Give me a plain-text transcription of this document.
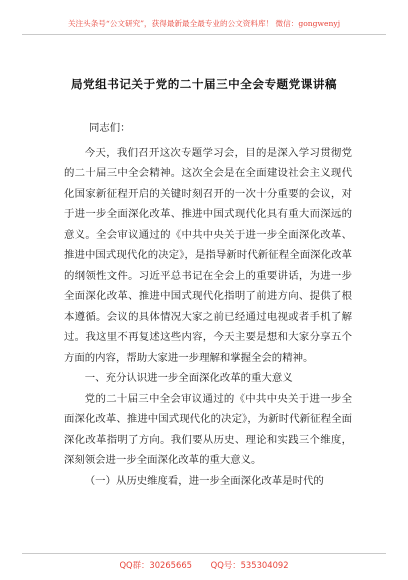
关注头条号“公文研究”，获得最新最全最专业的公文资料库！ 微信：gongwenyj
局党组书记关于党的二十届三中全会专题党课讲稿

同志们：

今天，我们召开这次专题学习会，目的是深入学习贯彻党的二十届三中全会精神。这次全会是在全面建设社会主义现代化国家新征程开启的关键时刻召开的一次十分重要的会议，对于进一步全面深化改革、推进中国式现代化具有重大而深远的意义。全会审议通过的《中共中央关于进一步全面深化改革、推进中国式现代化的决定》，是指导新时代新征程全面深化改革的纲领性文件。习近平总书记在全会上的重要讲话，为进一步全面深化改革、推进中国式现代化指明了前进方向、提供了根本遵循。会议的具体情况大家之前已经通过电视或者手机了解过。我这里不再复述这些内容，今天主要是想和大家分享五个方面的内容，帮助大家进一步理解和掌握全会的精神。

一、充分认识进一步全面深化改革的重大意义

党的二十届三中全会审议通过的《中共中央关于进一步全面深化改革、推进中国式现代化的决定》，为新时代新征程全面深化改革指明了方向。我们要从历史、理论和实践三个维度，深刻领会进一步全面深化改革的重大意义。

（一）从历史维度看，进一步全面深化改革是时代的

QQ群：30265665 QQ号：535304092
